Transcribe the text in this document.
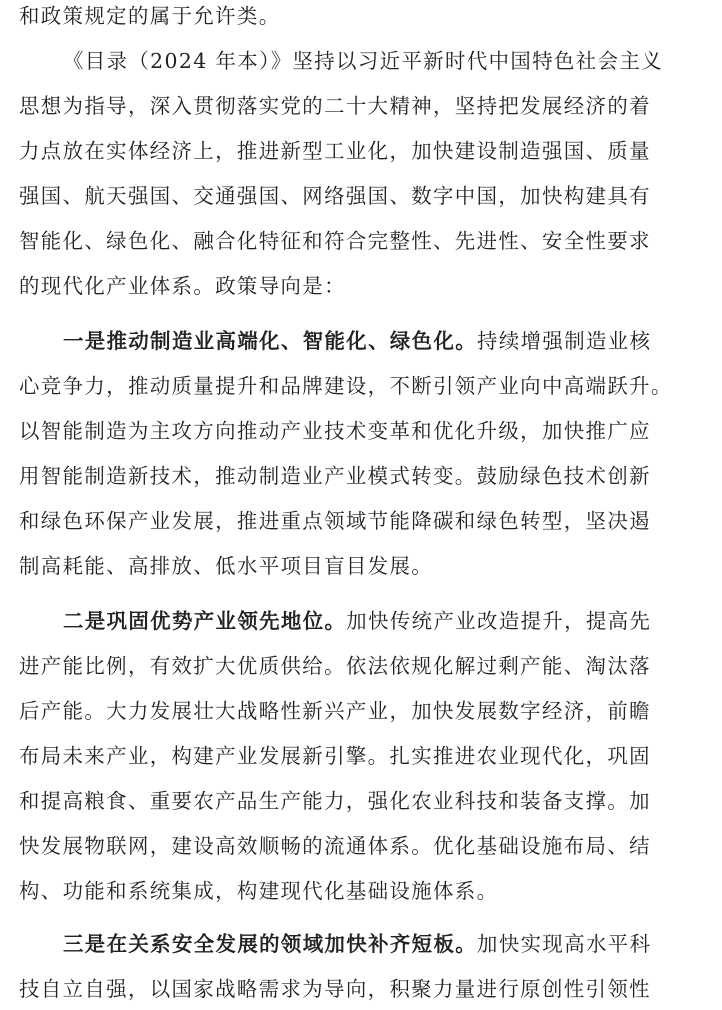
和政策规定的属于允许类。
《目录（2024 年本）》坚持以习近平新时代中国特色社会主义
思想为指导，深入贯彻落实党的二十大精神，坚持把发展经济的着
力点放在实体经济上，推进新型工业化，加快建设制造强国、质量
强国、航天强国、交通强国、网络强国、数字中国，加快构建具有
智能化、绿色化、融合化特征和符合完整性、先进性、安全性要求
的现代化产业体系。政策导向是：
一是推动制造业高端化、智能化、绿色化。持续增强制造业核
心竞争力，推动质量提升和品牌建设，不断引领产业向中高端跃升。
以智能制造为主攻方向推动产业技术变革和优化升级，加快推广应
用智能制造新技术，推动制造业产业模式转变。鼓励绿色技术创新
和绿色环保产业发展，推进重点领域节能降碳和绿色转型，坚决遏
制高耗能、高排放、低水平项目盲目发展。
二是巩固优势产业领先地位。加快传统产业改造提升，提高先
进产能比例，有效扩大优质供给。依法依规化解过剩产能、淘汰落
后产能。大力发展壮大战略性新兴产业，加快发展数字经济，前瞻
布局未来产业，构建产业发展新引擎。扎实推进农业现代化，巩固
和提高粮食、重要农产品生产能力，强化农业科技和装备支撑。加
快发展物联网，建设高效顺畅的流通体系。优化基础设施布局、结
构、功能和系统集成，构建现代化基础设施体系。
三是在关系安全发展的领域加快补齐短板。加快实现高水平科
技自立自强，以国家战略需求为导向，积聚力量进行原创性引领性
